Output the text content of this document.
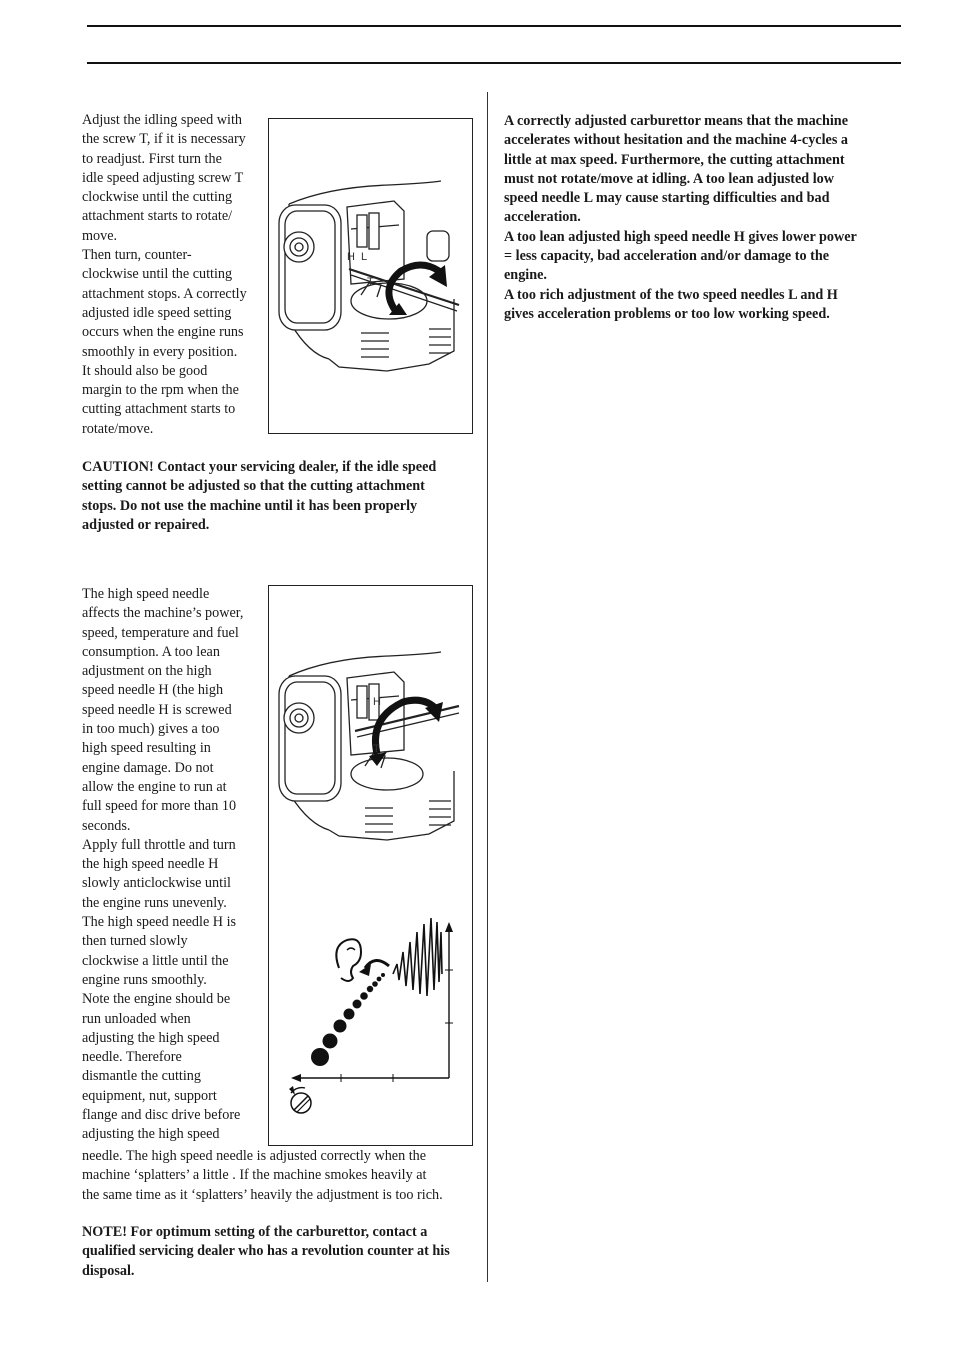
Adjust the idling speed with
the screw T, if it is necessary
to readjust. First turn the
idle speed adjusting screw T
clockwise until the cutting
attachment starts to rotate/
move.
Then turn, counter-
clockwise until the cutting
attachment stops. A correctly
adjusted idle speed setting
occurs when the engine runs
smoothly in every position.
It should also be good
margin to the rpm when the
cutting attachment starts to
rotate/move.
H L
T
CAUTION! Contact your servicing dealer, if the idle speed
setting cannot be adjusted so that the cutting attachment
stops. Do not use the machine until it has been properly
adjusted or repaired.
The high speed needle
affects the machine’s power,
speed, temperature and fuel
consumption. A too lean
adjustment on the high
speed needle H (the high
speed needle H is screwed
in too much) gives a too
high speed resulting in
engine damage. Do not
allow the engine to run at
full speed for more than 10
seconds.
Apply full throttle and turn
the high speed needle H
slowly anticlockwise until
the engine runs unevenly.
The high speed needle H is
then turned slowly
clockwise a little until the
engine runs smoothly.
Note the engine should be
run unloaded when
adjusting the high speed
needle. Therefore
dismantle the cutting
equipment, nut, support
flange and disc drive before
adjusting the high speed
H
T
needle. The high speed needle is adjusted correctly when the
machine ‘splatters’ a little . If the machine smokes heavily at
the same time as it ‘splatters’ heavily the adjustment is too rich.
NOTE! For optimum setting of the carburettor, contact a
qualified servicing dealer who has a revolution counter at his
disposal.
A correctly adjusted carburettor means that the machine
accelerates without hesitation and the machine 4-cycles a
little at max speed. Furthermore, the cutting attachment
must not rotate/move at idling. A too lean adjusted low
speed needle L may cause starting difficulties and bad
acceleration.
A too lean adjusted high speed needle H gives lower power
= less capacity, bad acceleration and/or damage to the
engine.
A too rich adjustment of the two speed needles L and H
gives acceleration problems or too low working speed.
